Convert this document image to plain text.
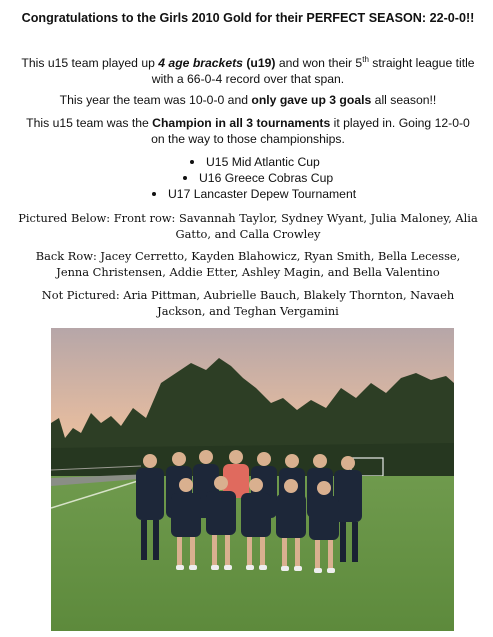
Congratulations to the Girls 2010 Gold for their PERFECT SEASON: 22-0-0!!
This u15 team played up 4 age brackets (u19) and won their 5th straight league title with a 66-0-4 record over that span.
This year the team was 10-0-0 and only gave up 3 goals all season!!
This u15 team was the Champion in all 3 tournaments it played in. Going 12-0-0 on the way to those championships.
U15 Mid Atlantic Cup
U16 Greece Cobras Cup
U17 Lancaster Depew Tournament
Pictured Below: Front row: Savannah Taylor, Sydney Wyant, Julia Maloney, Alia Gatto, and Calla Crowley
Back Row: Jacey Cerretto, Kayden Blahowicz, Ryan Smith, Bella Lecesse, Jenna Christensen, Addie Etter, Ashley Magin, and Bella Valentino
Not Pictured: Aria Pittman, Aubrielle Bauch, Blakely Thornton, Navaeh Jackson, and Teghan Vergamini
